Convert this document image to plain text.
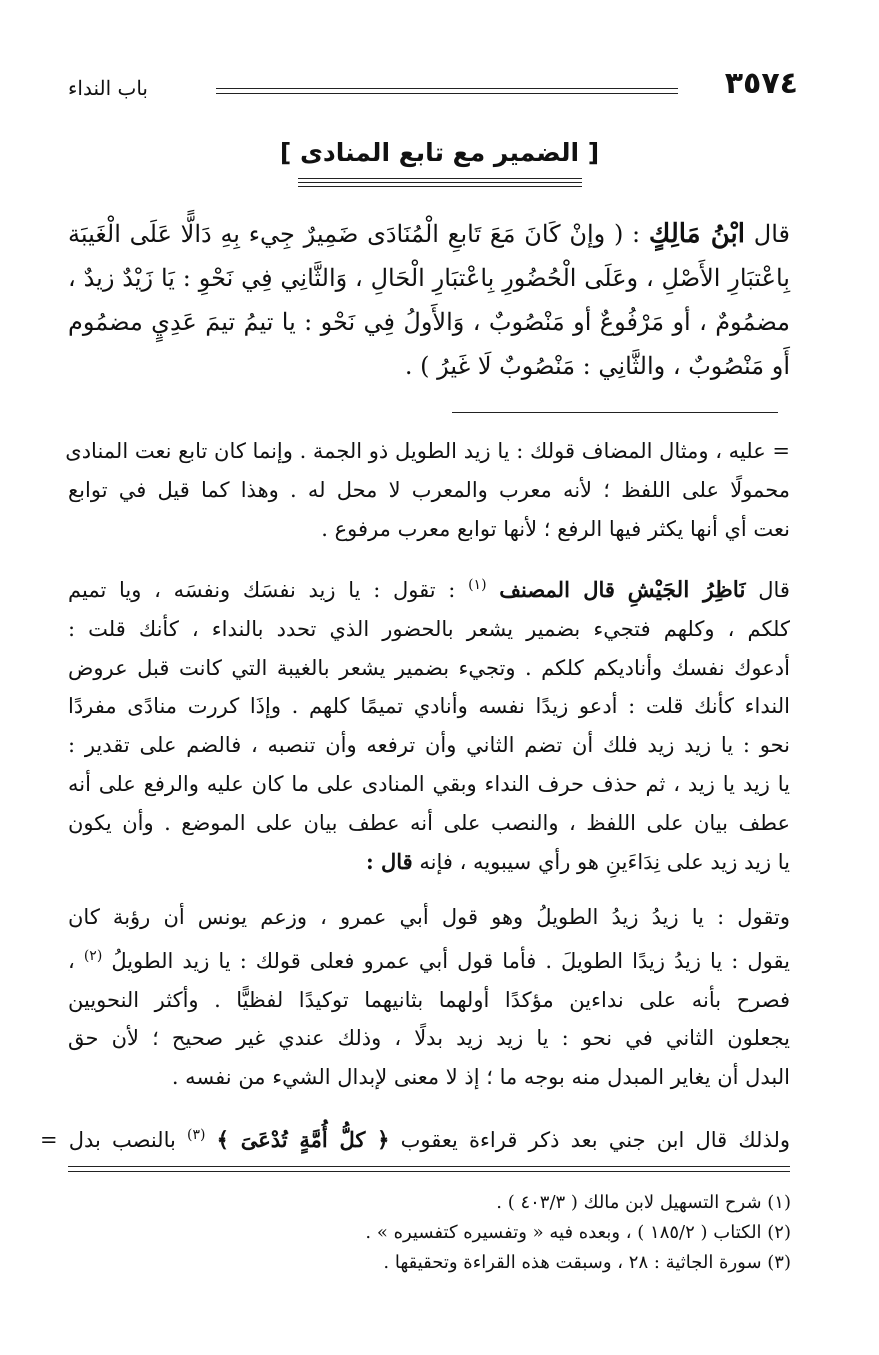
٣٥٧٤
باب النداء
[ الضمير مع تابع المنادى ]
قال ابْنُ مَالِكٍ : ( وإنْ كَانَ مَعَ تَابعِ الْمُنَادَى ضَمِيرٌ جِيء بِهِ دَالًّا عَلَى الْغَيبَة
بِاعْتبَارِ الأَصْلِ ، وعَلَى الْحُضُورِ بِاعْتبَارِ الْحَالِ ، وَالثَّانِي فِي نَحْوِ : يَا زَيْدٌ زيدٌ ،
مضمُومٌ ، أو مَرْفُوعٌ أو مَنْصُوبٌ ، وَالأَولُ فِي نَحْو : يا تيمُ تيمَ عَدِيٍ مضمُوم
أَو مَنْصُوبٌ ، والثَّانِي : مَنْصُوبٌ لَا غَيرُ ) .
= عليه ، ومثال المضاف قولك : يا زيد الطويل ذو الجمة . وإنما كان تابع نعت المنادى
محمولًا على اللفظ ؛ لأنه معرب والمعرب لا محل له . وهذا كما قيل في توابع
نعت أي أنها يكثر فيها الرفع ؛ لأنها توابع معرب مرفوع .
قال نَاظِرُ الجَيْشِ قال المصنف $^{(١)}$ : تقول : يا زيد نفسَك ونفسَه ، ويا تميم
كلكم ، وكلهم فتجيء بضمير يشعر بالحضور الذي تحدد بالنداء ، كأنك قلت :
أدعوك نفسك وأناديكم كلكم . وتجيء بضمير يشعر بالغيبة التي كانت قبل عروض
النداء كأنك قلت : أدعو زيدًا نفسه وأنادي تميمًا كلهم . وإذَا كررت منادًى مفردًا
نحو : يا زيد زيد فلك أن تضم الثاني وأن ترفعه وأن تنصبه ، فالضم على تقدير :
يا زيد يا زيد ، ثم حذف حرف النداء وبقي المنادى على ما كان عليه والرفع على أنه
عطف بيان على اللفظ ، والنصب على أنه عطف بيان على الموضع . وأن يكون
يا زيد زيد على نِدَاءَينِ هو رأي سيبويه ، فإنه قال :
وتقول : يا زيدُ زيدُ الطويلُ وهو قول أبي عمرو ، وزعم يونس أن رؤبة كان
يقول : يا زيدُ زيدًا الطويلَ . فأما قول أبي عمرو فعلى قولك : يا زيد الطويلُ $^{(٢)}$ ،
فصرح بأنه على نداءين مؤكدًا أولهما بثانيهما توكيدًا لفظيًّا . وأكثر النحويين
يجعلون الثاني في نحو : يا زيد زيد بدلًا ، وذلك عندي غير صحيح ؛ لأن حق
البدل أن يغاير المبدل منه بوجه ما ؛ إذ لا معنى لإبدال الشيء من نفسه .
ولذلك قال ابن جني بعد ذكر قراءة يعقوب ﴿ كلُّ أُمَّةٍ تُدْعَىَ ﴾ $^{(٣)}$ بالنصب بدل =
(١) شرح التسهيل لابن مالك ( ٤٠٣/٣ ) .
(٢) الكتاب ( ١٨٥/٢ ) ، وبعده فيه « وتفسيره كتفسيره » .
(٣) سورة الجاثية : ٢٨ ، وسبقت هذه القراءة وتحقيقها .
